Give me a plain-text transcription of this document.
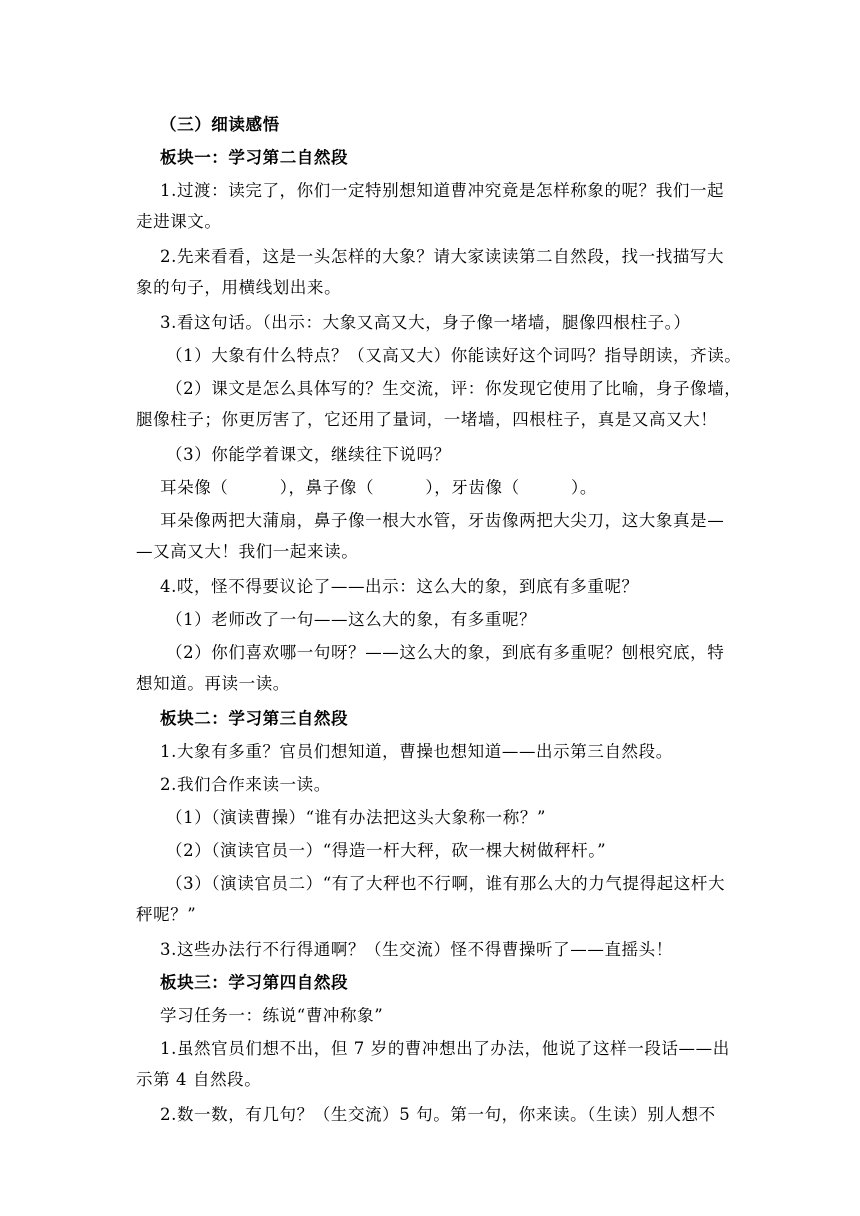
（三）细读感悟
板块一：学习第二自然段
1.过渡：读完了，你们一定特别想知道曹冲究竟是怎样称象的呢？我们一起
走进课文。
2.先来看看，这是一头怎样的大象？请大家读读第二自然段，找一找描写大
象的句子，用横线划出来。
3.看这句话。（出示：大象又高又大，身子像一堵墙，腿像四根柱子。）
（1）大象有什么特点？（又高又大）你能读好这个词吗？指导朗读，齐读。
（2）课文是怎么具体写的？生交流，评：你发现它使用了比喻，身子像墙，
腿像柱子；你更厉害了，它还用了量词，一堵墙，四根柱子，真是又高又大！
（3）你能学着课文，继续往下说吗？
耳朵像（　　　），鼻子像（　　　），牙齿像（　　　）。
耳朵像两把大蒲扇，鼻子像一根大水管，牙齿像两把大尖刀，这大象真是—
—又高又大！我们一起来读。
4.哎，怪不得要议论了——出示：这么大的象，到底有多重呢？
（1）老师改了一句——这么大的象，有多重呢？
（2）你们喜欢哪一句呀？——这么大的象，到底有多重呢？刨根究底，特
想知道。再读一读。
板块二：学习第三自然段
1.大象有多重？官员们想知道，曹操也想知道——出示第三自然段。
2.我们合作来读一读。
（1）（演读曹操）“谁有办法把这头大象称一称？”
（2）（演读官员一）“得造一杆大秤，砍一棵大树做秤杆。”
（3）（演读官员二）“有了大秤也不行啊，谁有那么大的力气提得起这杆大
秤呢？”
3.这些办法行不行得通啊？（生交流）怪不得曹操听了——直摇头！
板块三：学习第四自然段
学习任务一：练说“曹冲称象”
1.虽然官员们想不出，但 7 岁的曹冲想出了办法，他说了这样一段话——出
示第 4 自然段。
2.数一数，有几句？（生交流）5 句。第一句，你来读。（生读）别人想不
